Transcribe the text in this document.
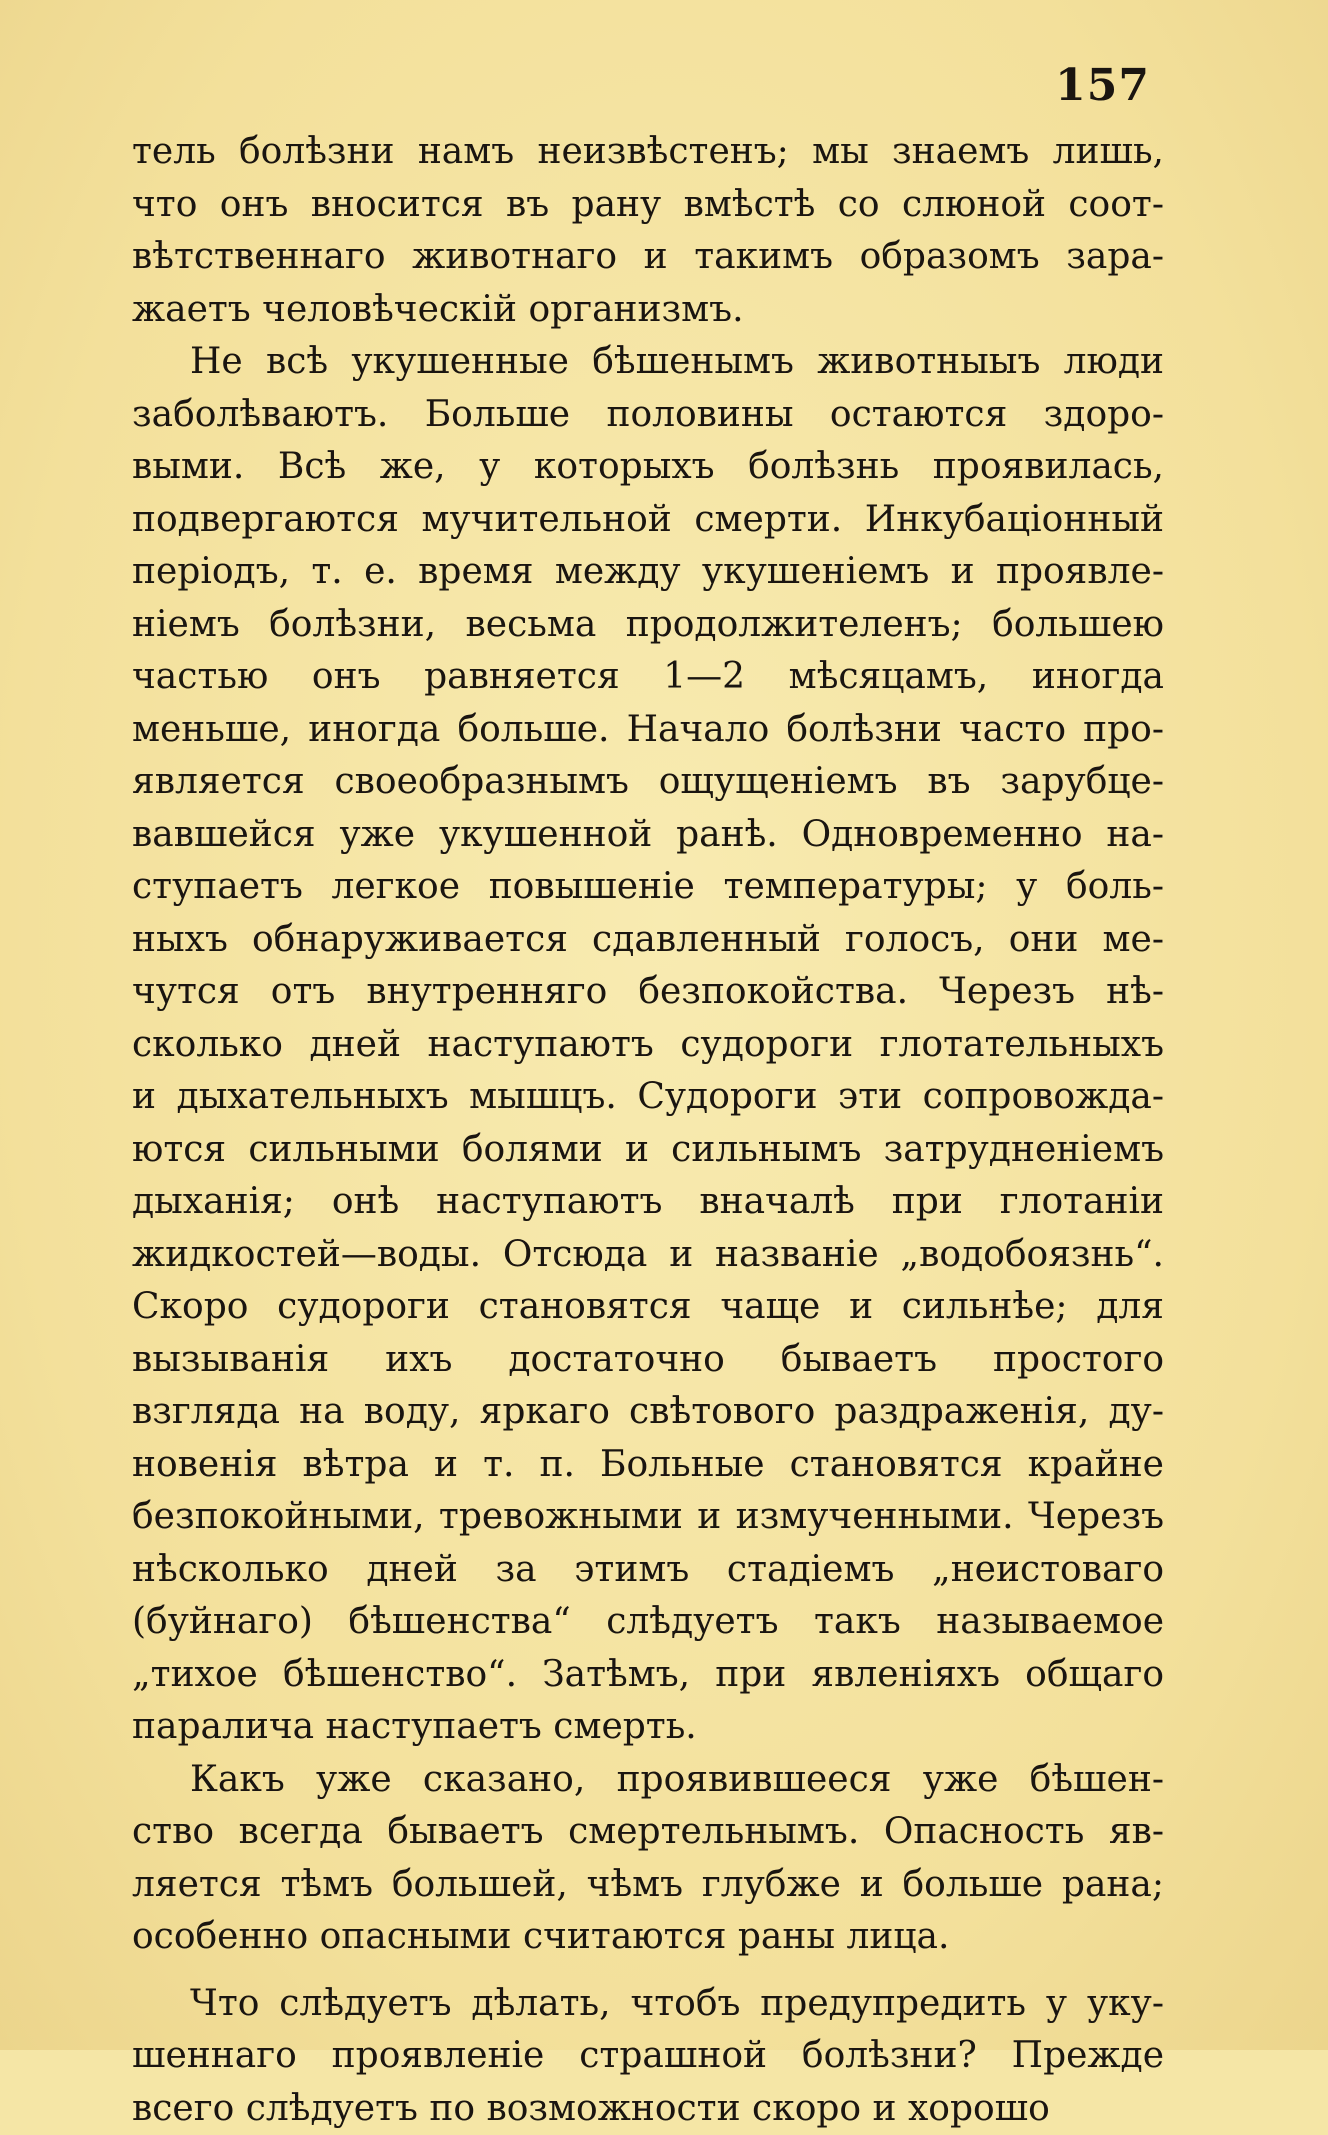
157
тель болѣзни намъ неизвѣстенъ; мы знаемъ лишь,
что онъ вносится въ рану вмѣстѣ со слюной соот-
вѣтственнаго животнаго и такимъ образомъ зара-
жаетъ человѣческій организмъ.
Не всѣ укушенные бѣшенымъ животныыъ люди
заболѣваютъ. Больше половины остаются здоро-
выми. Всѣ же, у которыхъ болѣзнь проявилась,
подвергаются мучительной смерти. Инкубаціонный
періодъ, т. е. время между укушеніемъ и проявле-
ніемъ болѣзни, весьма продолжителенъ; большею
частью онъ равняется 1—2 мѣсяцамъ, иногда
меньше, иногда больше. Начало болѣзни часто про-
является своеобразнымъ ощущеніемъ въ зарубце-
вавшейся уже укушенной ранѣ. Одновременно на-
ступаетъ легкое повышеніе температуры; у боль-
ныхъ обнаруживается сдавленный голосъ, они ме-
чутся отъ внутренняго безпокойства. Черезъ нѣ-
сколько дней наступаютъ судороги глотательныхъ
и дыхательныхъ мышцъ. Судороги эти сопровожда-
ются сильными болями и сильнымъ затрудненіемъ
дыханія; онѣ наступаютъ вначалѣ при глотаніи
жидкостей—воды. Отсюда и названіе „водобоязнь“.
Скоро судороги становятся чаще и сильнѣе; для
вызыванія ихъ достаточно бываетъ простого
взгляда на воду, яркаго свѣтового раздраженія, ду-
новенія вѣтра и т. п. Больные становятся крайне
безпокойными, тревожными и измученными. Черезъ
нѣсколько дней за этимъ стадіемъ „неистоваго
(буйнаго) бѣшенства“ слѣдуетъ такъ называемое
„тихое бѣшенство“. Затѣмъ, при явленіяхъ общаго
паралича наступаетъ смерть.
Какъ уже сказано, проявившееся уже бѣшен-
ство всегда бываетъ смертельнымъ. Опасность яв-
ляется тѣмъ большей, чѣмъ глубже и больше рана;
особенно опасными считаются раны лица.
Что слѣдуетъ дѣлать, чтобъ предупредить у уку-
шеннаго проявленіе страшной болѣзни? Прежде
всего слѣдуетъ по возможности скоро и хорошо
